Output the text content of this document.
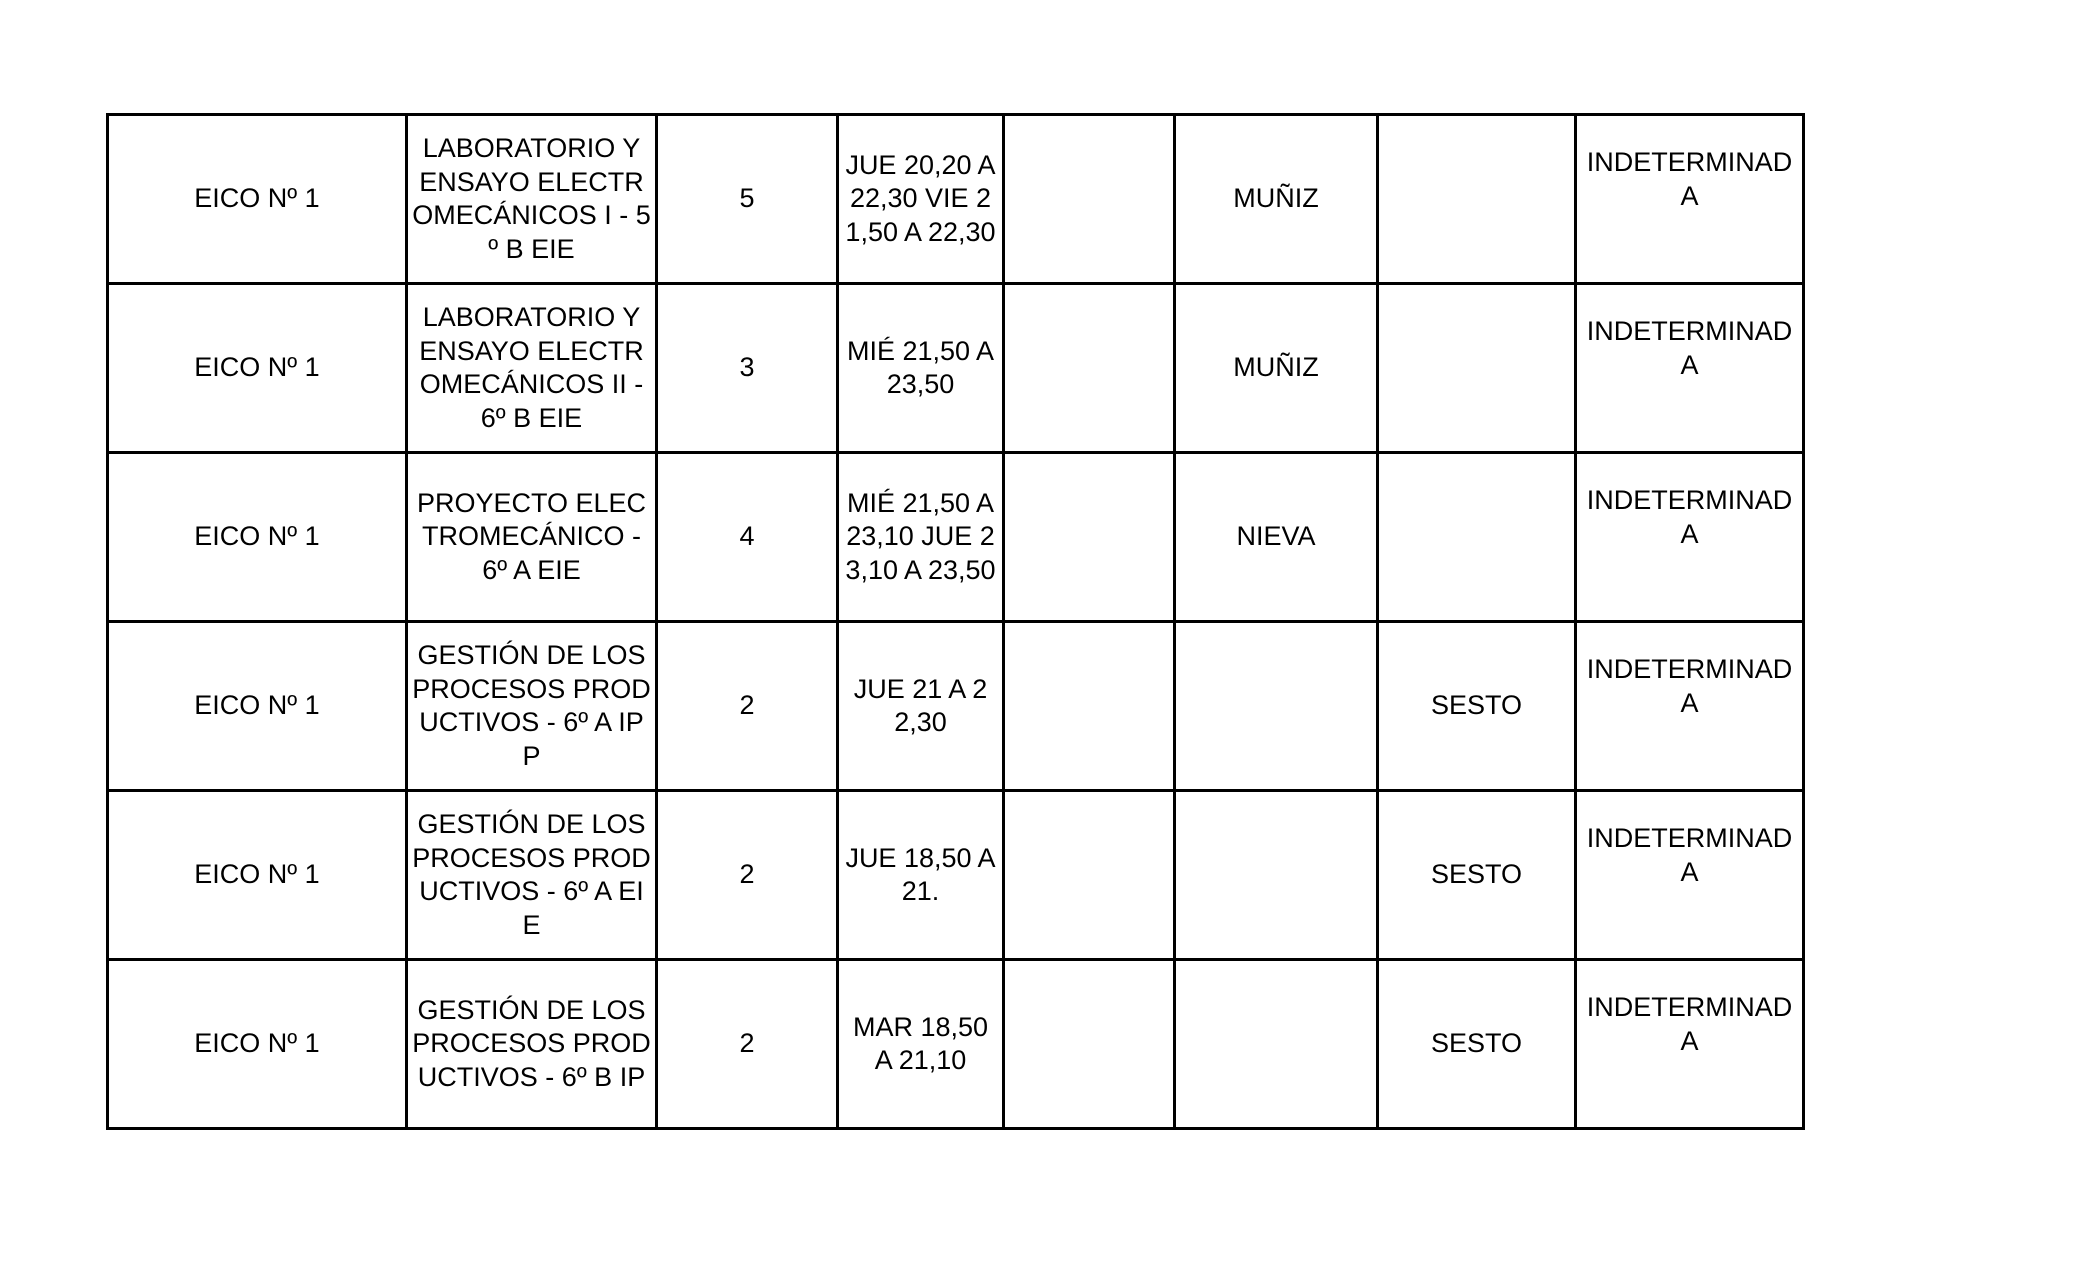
EICO Nº 1	LABORATORIO Y ENSAYO ELECTROMECÁNICOS I - 5º B EIE	5	JUE 20,20 A 22,30 VIE 21,50 A 22,30		MUÑIZ		INDETERMINADA
EICO Nº 1	LABORATORIO Y ENSAYO ELECTROMECÁNICOS II - 6º B EIE	3	MIÉ 21,50 A 23,50		MUÑIZ		INDETERMINADA
EICO Nº 1	PROYECTO ELECTROMECÁNICO - 6º A EIE	4	MIÉ 21,50 A 23,10 JUE 23,10 A 23,50		NIEVA		INDETERMINADA
EICO Nº 1	GESTIÓN DE LOS PROCESOS PRODUCTIVOS - 6º A IPP	2	JUE 21 A 22,30			SESTO	INDETERMINADA
EICO Nº 1	GESTIÓN DE LOS PROCESOS PRODUCTIVOS - 6º A EIE	2	JUE 18,50 A 21.			SESTO	INDETERMINADA
EICO Nº 1	GESTIÓN DE LOS PROCESOS PRODUCTIVOS - 6º B IP	2	MAR 18,50 A 21,10			SESTO	INDETERMINADA
